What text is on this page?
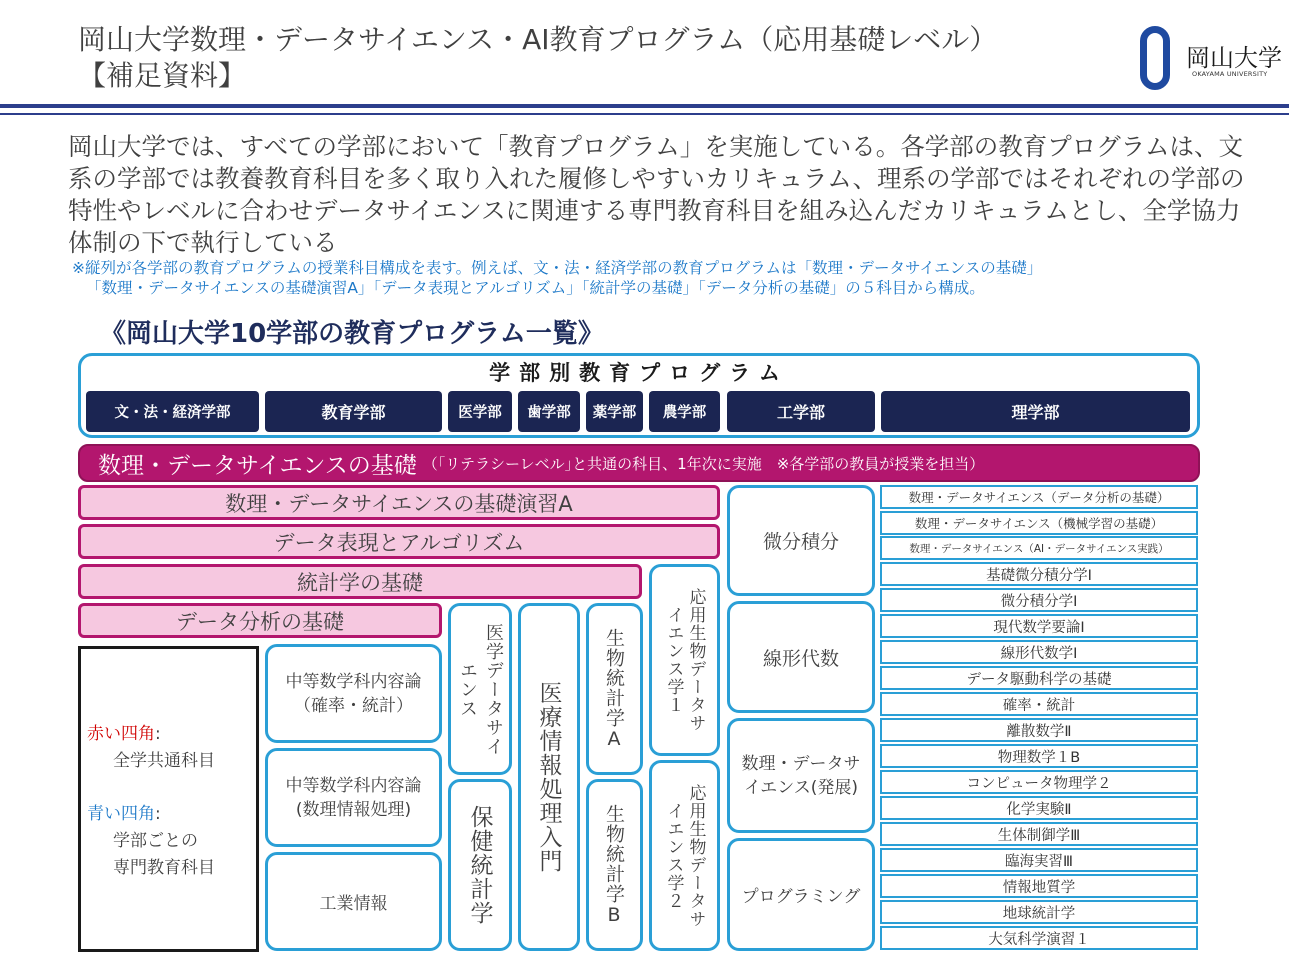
岡山大学数理・データサイエンス・AI教育プログラム（応用基礎レベル）
【補足資料】
岡山大学
OKAYAMA UNIVERSITY
岡山大学では、すべての学部において「教育プログラム」を実施している。各学部の教育プログラムは、文系の学部では教養教育科目を多く取り入れた履修しやすいカリキュラム、理系の学部ではそれぞれの学部の特性やレベルに合わせデータサイエンスに関連する専門教育科目を組み込んだカリキュラムとし、全学協力体制の下で執行している
※縦列が各学部の教育プログラムの授業科目構成を表す。例えば、文・法・経済学部の教育プログラムは「数理・データサイエンスの基礎」
「数理・データサイエンスの基礎演習A」「データ表現とアルゴリズム」「統計学の基礎」「データ分析の基礎」の５科目から構成。
《岡山大学10学部の教育プログラム一覧》
学部別教育プログラム
文・法・経済学部	教育学部	医学部	歯学部	薬学部	農学部	工学部	理学部
数理・データサイエンスの基礎 （｢リテラシーレベル｣と共通の科目、1年次に実施　※各学部の教員が授業を担当）
数理・データサイエンスの基礎演習A
データ表現とアルゴリズム
統計学の基礎
データ分析の基礎
赤い四角:
全学共通科目
青い四角:
学部ごとの
専門教育科目
中等数学科内容論
（確率・統計）
中等数学科内容論
(数理情報処理)
工業情報
医学データサイエンス
保健統計学 医療情報処理入門 生物統計学A
生物統計学B
応用生物データサイエンス学１
応用生物データサイエンス学２
微分積分
線形代数
数理・データサイエンス(発展)
プログラミング
数理・データサイエンス（データ分析の基礎）
数理・データサイエンス（機械学習の基礎）
数理・データサイエンス（AI・データサイエンス実践）
基礎微分積分学Ⅰ
微分積分学Ⅰ
現代数学要論Ⅰ
線形代数学Ⅰ
データ駆動科学の基礎
確率・統計
離散数学Ⅱ
物理数学１B
コンピュータ物理学２
化学実験Ⅱ
生体制御学Ⅲ
臨海実習Ⅲ
情報地質学
地球統計学
大気科学演習１
